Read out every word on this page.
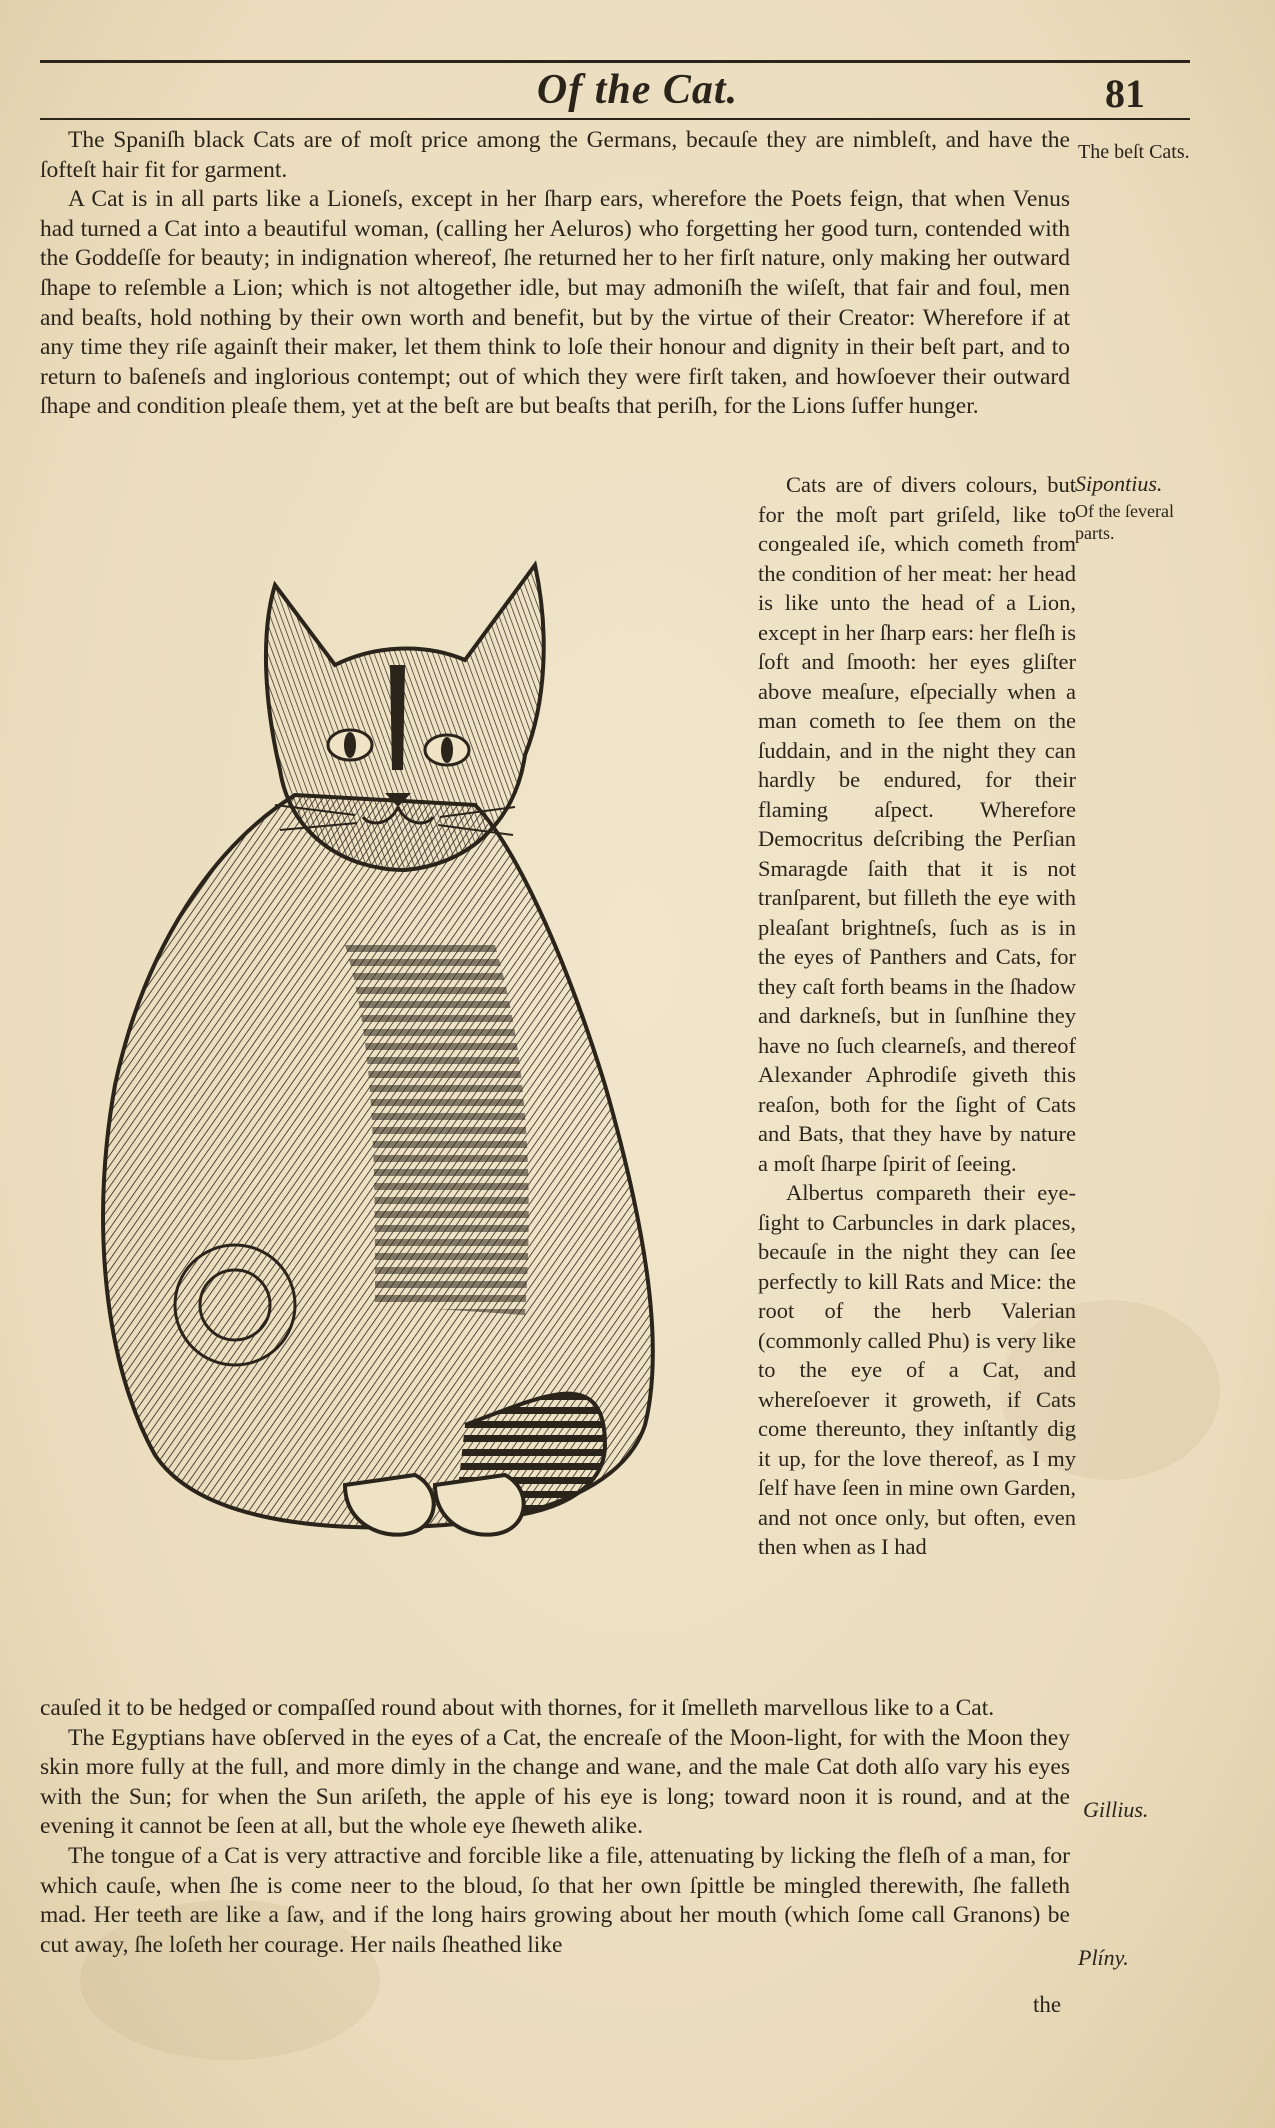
Of the Cat.	81

The Spaniſh black Cats are of moſt price among the Germans, becauſe they are nimbleſt, and have the ſofteſt hair fit for garment.

A Cat is in all parts like a Lioneſs, except in her ſharp ears, wherefore the Poets feign, that when Venus had turned a Cat into a beautiful woman, (calling her Aeluros) who forgetting her good turn, contended with the Goddeſſe for beauty; in indignation whereof, ſhe returned her to her firſt nature, only making her outward ſhape to reſemble a Lion; which is not altogether idle, but may admoniſh the wiſeſt, that fair and foul, men and beaſts, hold nothing by their own worth and benefit, but by the virtue of their Creator: Wherefore if at any time they riſe againſt their maker, let them think to loſe their honour and dignity in their beſt part, and to return to baſeneſs and inglorious contempt; out of which they were firſt taken, and howſoever their outward ſhape and condition pleaſe them, yet at the beſt are but beaſts that periſh, for the Lions ſuffer hunger.

The beſt Cats.
Sipontius.
Of the ſeveral parts.

Cats are of divers colours, but for the moſt part griſeld, like to congealed iſe, which cometh from the condition of her meat: her head is like unto the head of a Lion, except in her ſharp ears: her fleſh is ſoft and ſmooth: her eyes gliſter above meaſure, eſpecially when a man cometh to ſee them on the ſuddain, and in the night they can hardly be endured, for their flaming aſpect. Wherefore Democritus deſcribing the Perſian Smaragde ſaith that it is not tranſparent, but filleth the eye with pleaſant brightneſs, ſuch as is in the eyes of Panthers and Cats, for they caſt forth beams in the ſhadow and darkneſs, but in ſunſhine they have no ſuch clearneſs, and thereof Alexander Aphrodiſe giveth this reaſon, both for the ſight of Cats and Bats, that they have by nature a moſt ſharpe ſpirit of ſeeing.

Albertus compareth their eye-ſight to Carbuncles in dark places, becauſe in the night they can ſee perfectly to kill Rats and Mice: the root of the herb Valerian (commonly called Phu) is very like to the eye of a Cat, and whereſoever it groweth, if Cats come thereunto, they inſtantly dig it up, for the love thereof, as I my ſelf have ſeen in mine own Garden, and not once only, but often, even then when as I had

cauſed it to be hedged or compaſſed round about with thornes, for it ſmelleth marvellous like to a Cat.

The Egyptians have obſerved in the eyes of a Cat, the encreaſe of the Moon-light, for with the Moon they skin more fully at the full, and more dimly in the change and wane, and the male Cat doth alſo vary his eyes with the Sun; for when the Sun ariſeth, the apple of his eye is long; toward noon it is round, and at the evening it cannot be ſeen at all, but the whole eye ſheweth alike.

The tongue of a Cat is very attractive and forcible like a file, attenuating by licking the fleſh of a man, for which cauſe, when ſhe is come neer to the bloud, ſo that her own ſpittle be mingled therewith, ſhe falleth mad. Her teeth are like a ſaw, and if the long hairs growing about her mouth (which ſome call Granons) be cut away, ſhe loſeth her courage. Her nails ſheathed like

Gillius.
Plíny.
the
